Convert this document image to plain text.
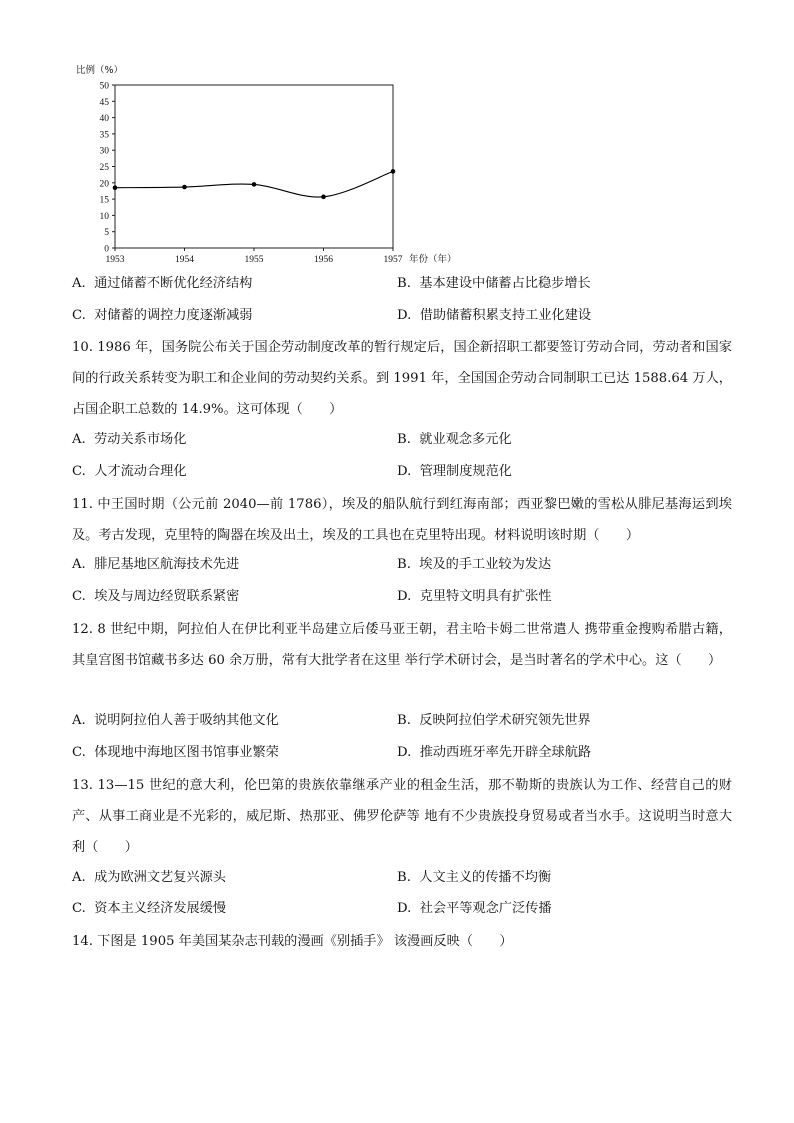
比例（%）
0
5
10
15
20
25
30
35
40
45
50
1953	1954	1955	1956	1957 年份（年）
A. 通过储蓄不断优化经济结构	B. 基本建设中储蓄占比稳步增长
C. 对储蓄的调控力度逐渐减弱	D. 借助储蓄积累支持工业化建设
10. 1986 年，国务院公布关于国企劳动制度改革的暂行规定后，国企新招职工都要签订劳动合同，劳动者和国家间的行政关系转变为职工和企业间的劳动契约关系。到 1991 年，全国国企劳动合同制职工已达 1588.64 万人，占国企职工总数的 14.9%。这可体现（　　）
A. 劳动关系市场化	B. 就业观念多元化
C. 人才流动合理化	D. 管理制度规范化
11. 中王国时期（公元前 2040—前 1786），埃及的船队航行到红海南部；西亚黎巴嫩的雪松从腓尼基海运到埃及。考古发现，克里特的陶器在埃及出土，埃及的工具也在克里特出现。材料说明该时期（　　）
A. 腓尼基地区航海技术先进	B. 埃及的手工业较为发达
C. 埃及与周边经贸联系紧密	D. 克里特文明具有扩张性
12. 8 世纪中期，阿拉伯人在伊比利亚半岛建立后倭马亚王朝，君主哈卡姆二世常遣人 携带重金搜购希腊古籍，其皇宫图书馆藏书多达 60 余万册，常有大批学者在这里 举行学术研讨会，是当时著名的学术中心。这（　　）
A. 说明阿拉伯人善于吸纳其他文化	B. 反映阿拉伯学术研究领先世界
C. 体现地中海地区图书馆事业繁荣	D. 推动西班牙率先开辟全球航路
13. 13—15 世纪的意大利，伦巴第的贵族依靠继承产业的租金生活，那不勒斯的贵族认为工作、经营自己的财产、从事工商业是不光彩的，威尼斯、热那亚、佛罗伦萨等 地有不少贵族投身贸易或者当水手。这说明当时意大利（　　）
A. 成为欧洲文艺复兴源头	B. 人文主义的传播不均衡
C. 资本主义经济发展缓慢	D. 社会平等观念广泛传播
14. 下图是 1905 年美国某杂志刊载的漫画《别插手》 该漫画反映（　　）
